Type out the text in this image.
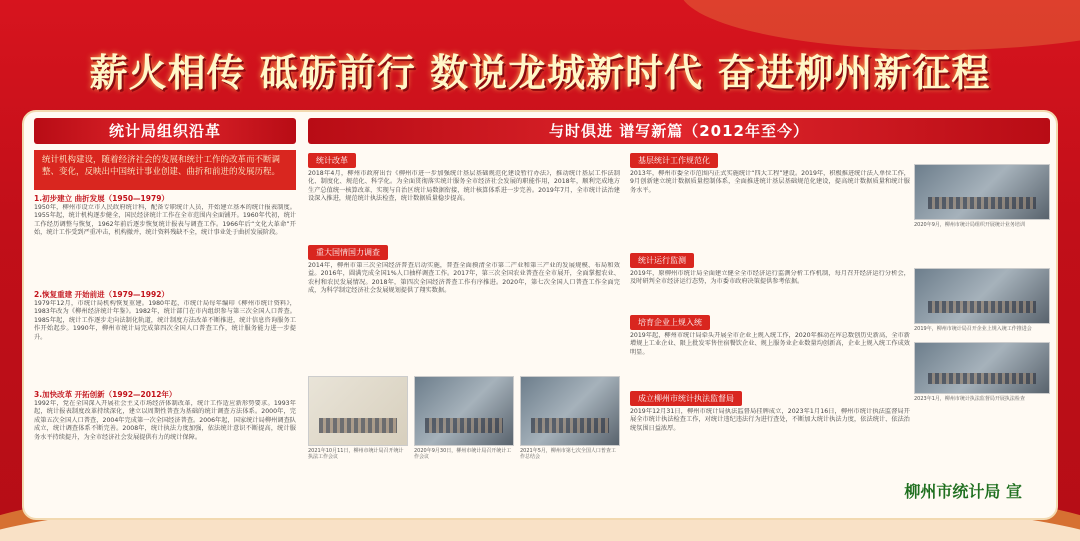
薪火相传 砥砺前行 数说龙城新时代 奋进柳州新征程
统计局组织沿革
统计机构建设，随着经济社会的发展和统计工作的改革而不断调整、变化，反映出中国统计事业创建、曲折和前进的发展历程。
1.初步建立 曲折发展（1950—1979）
1950年，柳州市设立市人民政府统计科，配备专职统计人员，开始建立基本的统计报表制度。1955年起，统计机构逐步健全，国民经济统计工作在全市范围内全面铺开。1960年代初，统计工作经历调整与恢复，1962年前后逐步恢复统计报表与调查工作。1966年后“文化大革命”开始，统计工作受到严重冲击，机构撤并，统计资料残缺不全，统计事业处于曲折发展阶段。
2.恢复重建 开始前进（1979—1992）
1979年12月，市统计局机构恢复重建。1980年起，市统计局每年编印《柳州市统计资料》，1983年改为《柳州经济统计年鉴》。1982年，统计部门在市内组织参与第三次全国人口普查。1985年起，统计工作逐步走向法制化轨道，统计制度方法改革不断推进，统计信息咨询服务工作开始起步。1990年，柳州市统计局完成第四次全国人口普查工作，统计服务能力进一步提升。
3.加快改革 开拓创新（1992—2012年）
1992年，党在全国深入开展社会主义市场经济体制改革，统计工作适应新形势要求。1993年起，统计报表制度改革持续深化，建立以周期性普查为基础的统计调查方法体系。2000年，完成第五次全国人口普查，2004年完成第一次全国经济普查。2006年起，国家统计局柳州调查队成立，统计调查体系不断完善。2008年，统计执法力度加强，依法统计意识不断提高，统计服务水平持续提升，为全市经济社会发展提供有力的统计保障。
与时俱进 谱写新篇（2012年至今）
统计改革
2018年4月，柳州市政府出台《柳州市进一步加强统计基层基础规范化建设暂行办法》，推动统计基层工作法制化、制度化、规范化、科学化。为全面贯彻落实统计服务全市经济社会发展的职能作用，2018年，顺利完成地方生产总值统一核算改革，实现与自治区统计局数据衔接，统计核算体系进一步完善。2019年7月，全市统计法治建设深入推进，规范统计执法检查，统计数据质量稳步提高。
重大国情国力调查
2014年，柳州市第三次全国经济普查启动实施，普查全面摸清全市第二产业和第三产业的发展规模、布局和效益。2016年，圆满完成全国1%人口抽样调查工作。2017年，第三次全国农业普查在全市展开，全面掌握农业、农村和农民发展情况。2018年，第四次全国经济普查工作有序推进。2020年，第七次全国人口普查工作全面完成，为科学制定经济社会发展规划提供了翔实数据。
2021年10月11日，柳州市统计局召开统计执法工作会议
2020年9月30日，柳州市统计局召开统计工作会议
2021年5月，柳州市第七次全国人口普查工作总结会
基层统计工作规范化
2013年，柳州市委全市范围内正式实施统计“四大工程”建设。2019年，积极推进统计法人单位工作，9月创新建立统计数据质量控制体系，全面推进统计基层基础规范化建设，提高统计数据质量和统计服务水平。
统计运行监测
2019年，原柳州市统计局全面建立健全全市经济运行监测分析工作机制，每月召开经济运行分析会，及时研判全市经济运行态势，为市委市政府决策提供参考依据。
培育企业上规入统
2019年起，柳州市统计局牵头开展全市企业上规入统工作，2020年推动在库总数创历史新高，全市新增规上工业企业、限上批发零售住宿餐饮企业、规上服务业企业数量均创新高，企业上规入统工作成效明显。
成立柳州市统计执法监督局
2019年12月31日，柳州市统计局执法监督局挂牌成立，2023年1月16日，柳州市统计执法监督局开展全市统计执法检查工作，对统计违纪违法行为进行查处，不断加大统计执法力度，依法统计、依法治统氛围日益浓厚。
2020年9月，柳州市统计局组织开展统计业务培训
2019年，柳州市统计局召开企业上规入统工作推进会
2023年1月，柳州市统计执法监督局开展执法检查
柳州市统计局 宣
